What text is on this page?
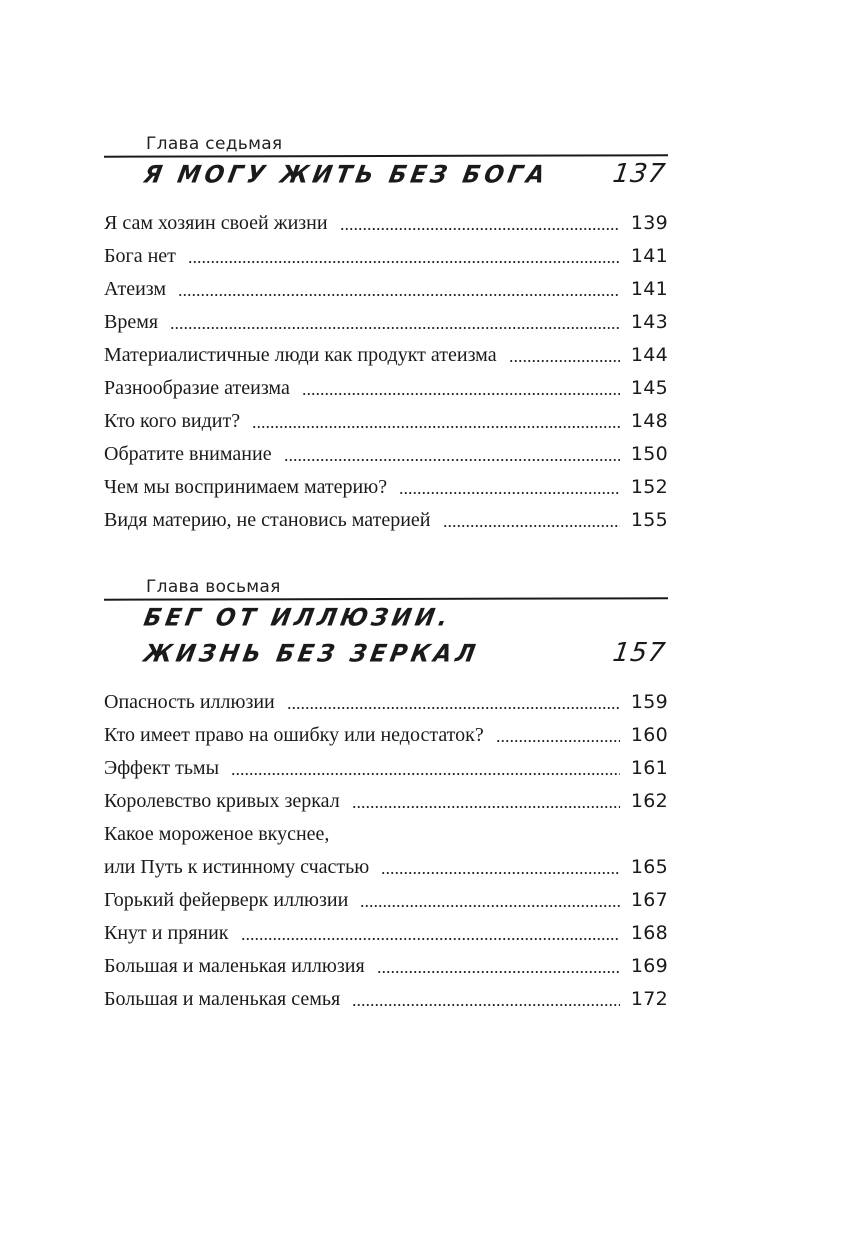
Глава седьмая
Я МОГУ ЖИТЬ БЕЗ БОГА	137
Я сам хозяин своей жизни	139
Бога нет	141
Атеизм	141
Время	143
Материалистичные люди как продукт атеизма	144
Разнообразие атеизма	145
Кто кого видит?	148
Обратите внимание	150
Чем мы воспринимаем материю?	152
Видя материю, не становись материей	155
Глава восьмая
БЕГ ОТ ИЛЛЮЗИИ.
ЖИЗНЬ БЕЗ ЗЕРКАЛ	157
Опасность иллюзии	159
Кто имеет право на ошибку или недостаток?	160
Эффект тьмы	161
Королевство кривых зеркал	162
Какое мороженое вкуснее,
или Путь к истинному счастью	165
Горький фейерверк иллюзии	167
Кнут и пряник	168
Большая и маленькая иллюзия	169
Большая и маленькая семья	172
